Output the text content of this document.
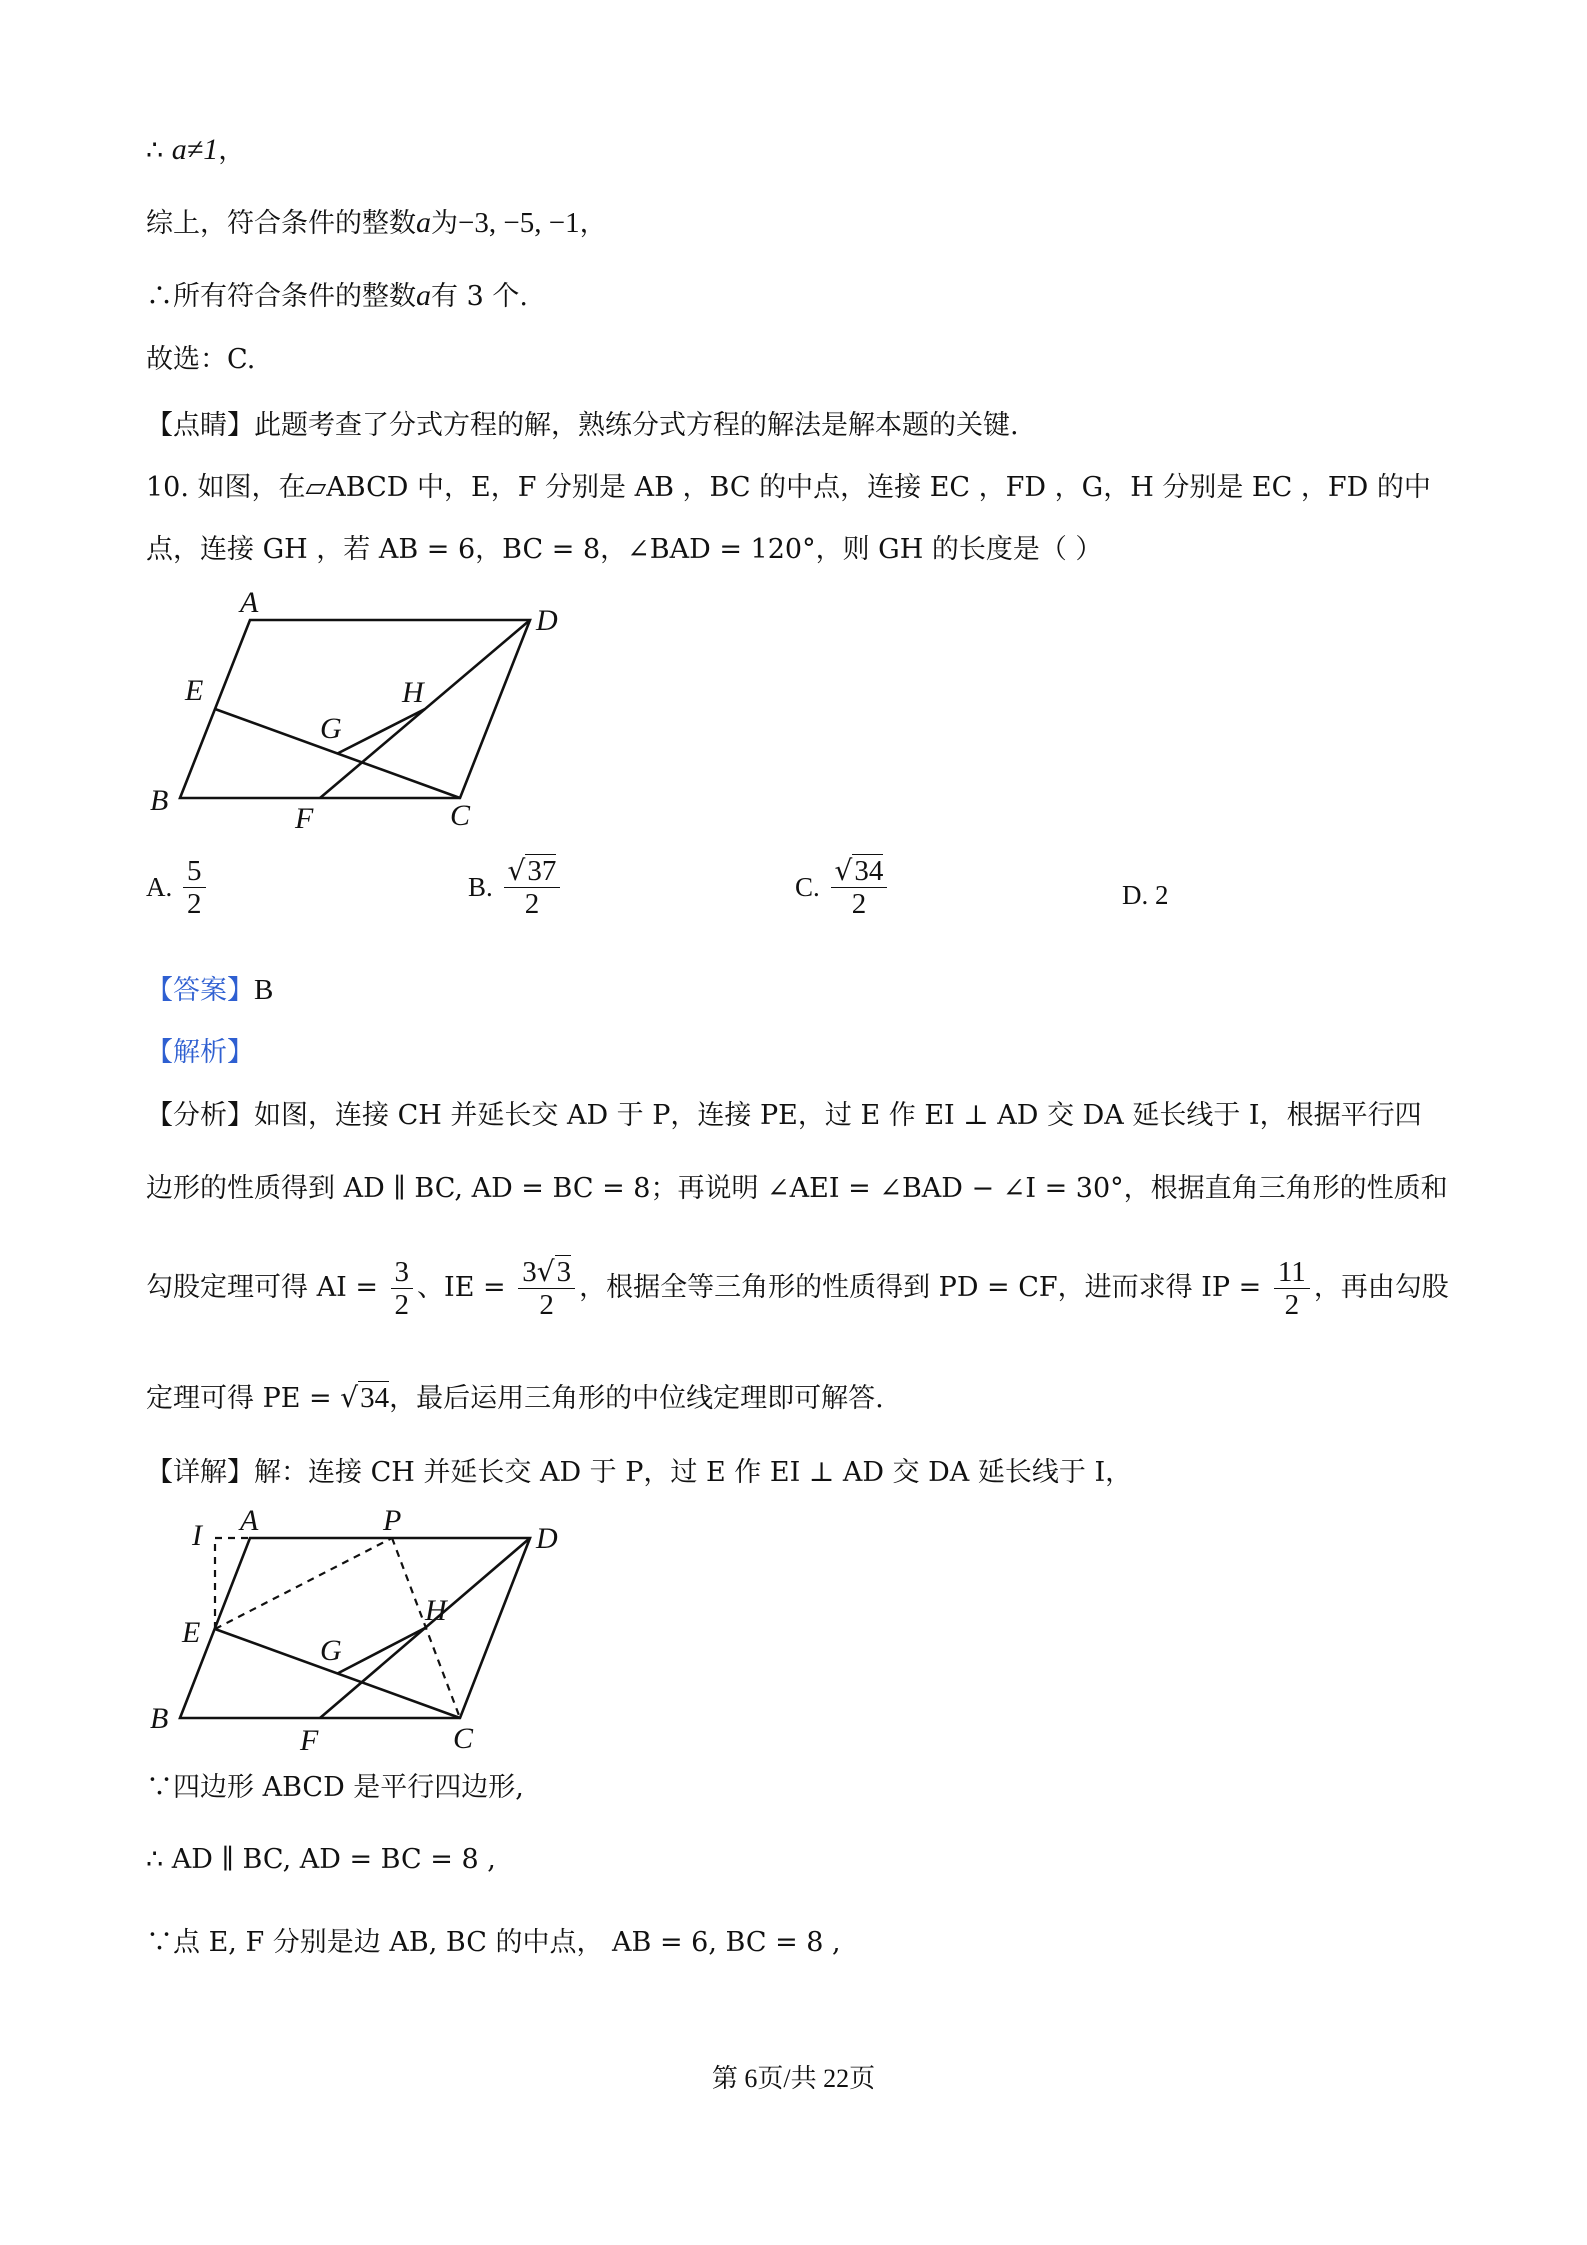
∴ a≠1，
综上，符合条件的整数a为−3, −5, −1，
∴所有符合条件的整数a有 3 个.
故选：C.
【点睛】此题考查了分式方程的解，熟练分式方程的解法是解本题的关键.
10. 如图，在▱ABCD 中，E，F 分别是 AB ，BC 的中点，连接 EC ，FD ，G，H 分别是 EC ，FD 的中
点，连接 GH ，若 AB = 6，BC = 8，∠BAD = 120°，则 GH 的长度是（ ）
A
D
E	H
G
B
F	C
A. $\frac{5}{2}$	B. $\frac{√37}{2}$	C. $\frac{√34}{2}$	D. 2
【答案】B
【解析】
【分析】如图，连接 CH 并延长交 AD 于 P，连接 PE，过 E 作 EI ⊥ AD 交 DA 延长线于 I，根据平行四
边形的性质得到 AD ∥ BC, AD = BC = 8；再说明 ∠AEI = ∠BAD − ∠I = 30°，根据直角三角形的性质和
勾股定理可得 AI = $\frac{3}{2}$ 、IE = $\frac{3√3}{2}$ ，根据全等三角形的性质得到 PD = CF，进而求得 IP = $\frac{11}{2}$ ，再由勾股
定理可得 PE = √34，最后运用三角形的中位线定理即可解答.
【详解】解：连接 CH 并延长交 AD 于 P，过 E 作 EI ⊥ AD 交 DA 延长线于 I，
I A	P
D
E
H
G
B
F	C
∵四边形 ABCD 是平行四边形,
∴ AD ∥ BC, AD = BC = 8 ,
∵点 E, F 分别是边 AB, BC 的中点， AB = 6, BC = 8 ,
第 6页/共 22页
